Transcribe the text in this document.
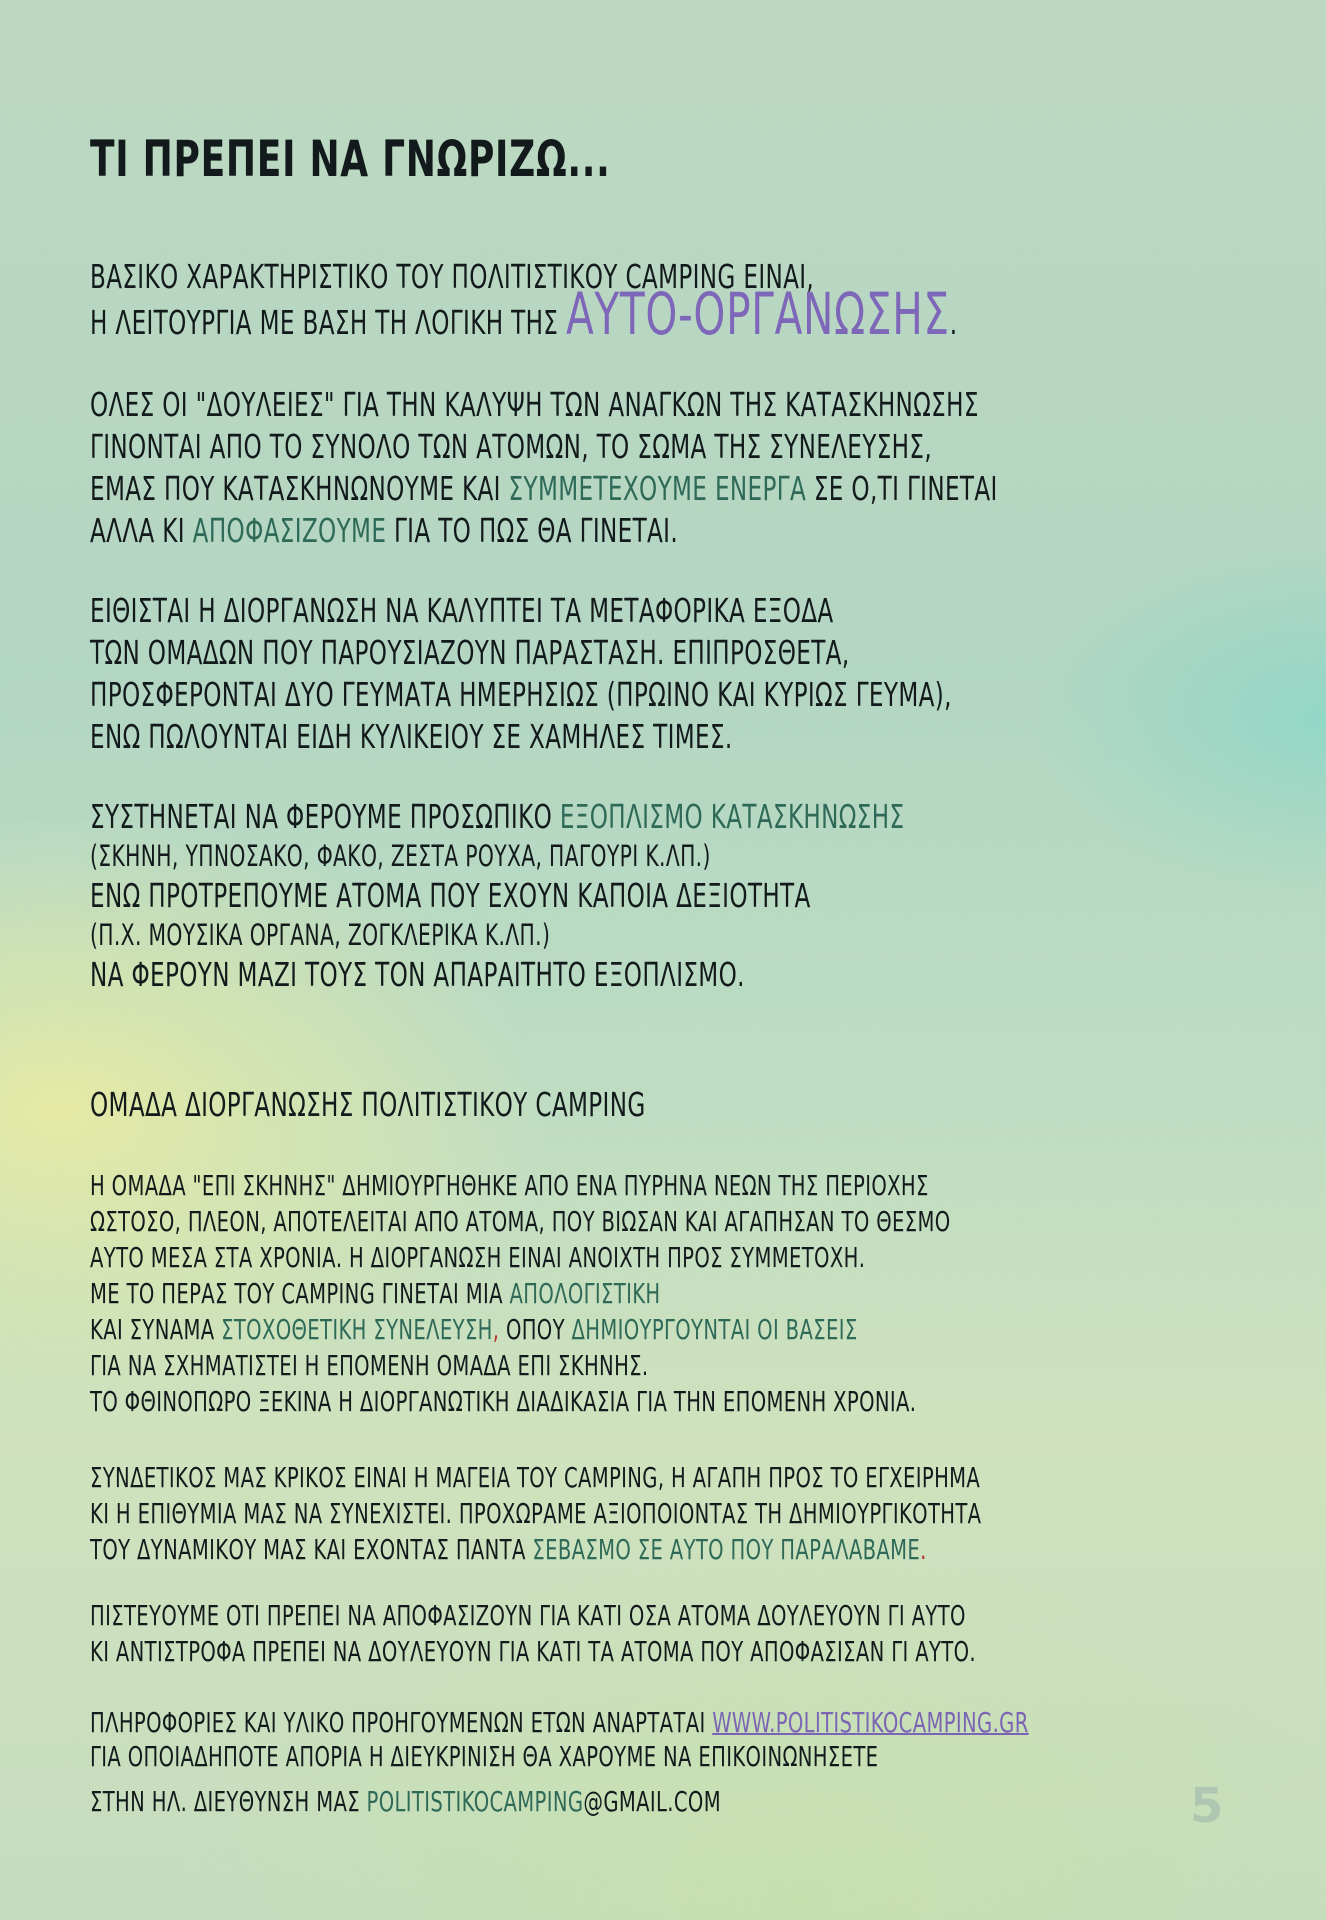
ΤΙ ΠΡΕΠΕΙ ΝΑ ΓΝΩΡΙΖΩ...
ΒΑΣΙΚΟ ΧΑΡΑΚΤΗΡΙΣΤΙΚΟ ΤΟΥ ΠΟΛΙΤΙΣΤΙΚΟΥ CAMPING ΕΙΝΑΙ,
Η ΛΕΙΤΟΥΡΓΙΑ ΜΕ ΒΑΣΗ ΤΗ ΛΟΓΙΚΗ ΤΗΣ ΑΥΤΟ-ΟΡΓΑΝΩΣΗΣ.
ΟΛΕΣ ΟΙ "ΔΟΥΛΕΙΕΣ" ΓΙΑ ΤΗΝ ΚΑΛΥΨΗ ΤΩΝ ΑΝΑΓΚΩΝ ΤΗΣ ΚΑΤΑΣΚΗΝΩΣΗΣ
ΓΙΝΟΝΤΑΙ ΑΠΟ ΤΟ ΣΥΝΟΛΟ ΤΩΝ ΑΤΟΜΩΝ, ΤΟ ΣΩΜΑ ΤΗΣ ΣΥΝΕΛΕΥΣΗΣ,
ΕΜΑΣ ΠΟΥ ΚΑΤΑΣΚΗΝΩΝΟΥΜΕ ΚΑΙ ΣΥΜΜΕΤΕΧΟΥΜΕ ΕΝΕΡΓΑ ΣΕ Ο,ΤΙ ΓΙΝΕΤΑΙ
ΑΛΛΑ ΚΙ ΑΠΟΦΑΣΙΖΟΥΜΕ ΓΙΑ ΤΟ ΠΩΣ ΘΑ ΓΙΝΕΤΑΙ.
ΕΙΘΙΣΤΑΙ Η ΔΙΟΡΓΑΝΩΣΗ ΝΑ ΚΑΛΥΠΤΕΙ ΤΑ ΜΕΤΑΦΟΡΙΚΑ ΕΞΟΔΑ
ΤΩΝ ΟΜΑΔΩΝ ΠΟΥ ΠΑΡΟΥΣΙΑΖΟΥΝ ΠΑΡΑΣΤΑΣΗ. ΕΠΙΠΡΟΣΘΕΤΑ,
ΠΡΟΣΦΕΡΟΝΤΑΙ ΔΥΟ ΓΕΥΜΑΤΑ ΗΜΕΡΗΣΙΩΣ (ΠΡΩΙΝΟ ΚΑΙ ΚΥΡΙΩΣ ΓΕΥΜΑ),
ΕΝΩ ΠΩΛΟΥΝΤΑΙ ΕΙΔΗ ΚΥΛΙΚΕΙΟΥ ΣΕ ΧΑΜΗΛΕΣ ΤΙΜΕΣ.
ΣΥΣΤΗΝΕΤΑΙ ΝΑ ΦΕΡΟΥΜΕ ΠΡΟΣΩΠΙΚΟ ΕΞΟΠΛΙΣΜΟ ΚΑΤΑΣΚΗΝΩΣΗΣ
(ΣΚΗΝΗ, ΥΠΝΟΣΑΚΟ, ΦΑΚΟ, ΖΕΣΤΑ ΡΟΥΧΑ, ΠΑΓΟΥΡΙ Κ.ΛΠ.)
ΕΝΩ ΠΡΟΤΡΕΠΟΥΜΕ ΑΤΟΜΑ ΠΟΥ ΕΧΟΥΝ ΚΑΠΟΙΑ ΔΕΞΙΟΤΗΤΑ
(Π.Χ. ΜΟΥΣΙΚΑ ΟΡΓΑΝΑ, ΖΟΓΚΛΕΡΙΚΑ Κ.ΛΠ.)
ΝΑ ΦΕΡΟΥΝ ΜΑΖΙ ΤΟΥΣ ΤΟΝ ΑΠΑΡΑΙΤΗΤΟ ΕΞΟΠΛΙΣΜΟ.
ΟΜΑΔΑ ΔΙΟΡΓΑΝΩΣΗΣ ΠΟΛΙΤΙΣΤΙΚΟΥ CAMPING
Η ΟΜΑΔΑ "ΕΠΙ ΣΚΗΝΗΣ" ΔΗΜΙΟΥΡΓΗΘΗΚΕ ΑΠΟ ΕΝΑ ΠΥΡΗΝΑ ΝΕΩΝ ΤΗΣ ΠΕΡΙΟΧΗΣ
ΩΣΤΟΣΟ, ΠΛΕΟΝ, ΑΠΟΤΕΛΕΙΤΑΙ ΑΠΟ ΑΤΟΜΑ, ΠΟΥ ΒΙΩΣΑΝ ΚΑΙ ΑΓΑΠΗΣΑΝ ΤΟ ΘΕΣΜΟ
ΑΥΤΟ ΜΕΣΑ ΣΤΑ ΧΡΟΝΙΑ. Η ΔΙΟΡΓΑΝΩΣΗ ΕΙΝΑΙ ΑΝΟΙΧΤΗ ΠΡΟΣ ΣΥΜΜΕΤΟΧΗ.
ΜΕ ΤΟ ΠΕΡΑΣ ΤΟΥ CAMPING ΓΙΝΕΤΑΙ ΜΙΑ ΑΠΟΛΟΓΙΣΤΙΚΗ
ΚΑΙ ΣΥΝΑΜΑ ΣΤΟΧΟΘΕΤΙΚΗ ΣΥΝΕΛΕΥΣΗ, ΟΠΟΥ ΔΗΜΙΟΥΡΓΟΥΝΤΑΙ ΟΙ ΒΑΣΕΙΣ
ΓΙΑ ΝΑ ΣΧΗΜΑΤΙΣΤΕΙ Η ΕΠΟΜΕΝΗ ΟΜΑΔΑ ΕΠΙ ΣΚΗΝΗΣ.
ΤΟ ΦΘΙΝΟΠΩΡΟ ΞΕΚΙΝΑ Η ΔΙΟΡΓΑΝΩΤΙΚΗ ΔΙΑΔΙΚΑΣΙΑ ΓΙΑ ΤΗΝ ΕΠΟΜΕΝΗ ΧΡΟΝΙΑ.
ΣΥΝΔΕΤΙΚΟΣ ΜΑΣ ΚΡΙΚΟΣ ΕΙΝΑΙ Η ΜΑΓΕΙΑ ΤΟΥ CAMPING, Η ΑΓΑΠΗ ΠΡΟΣ ΤΟ ΕΓΧΕΙΡΗΜΑ
ΚΙ Η ΕΠΙΘΥΜΙΑ ΜΑΣ ΝΑ ΣΥΝΕΧΙΣΤΕΙ. ΠΡΟΧΩΡΑΜΕ ΑΞΙΟΠΟΙΟΝΤΑΣ ΤΗ ΔΗΜΙΟΥΡΓΙΚΟΤΗΤΑ
ΤΟΥ ΔΥΝΑΜΙΚΟΥ ΜΑΣ ΚΑΙ ΕΧΟΝΤΑΣ ΠΑΝΤΑ ΣΕΒΑΣΜΟ ΣΕ ΑΥΤΟ ΠΟΥ ΠΑΡΑΛΑΒΑΜΕ.
ΠΙΣΤΕΥΟΥΜΕ ΟΤΙ ΠΡΕΠΕΙ ΝΑ ΑΠΟΦΑΣΙΖΟΥΝ ΓΙΑ ΚΑΤΙ ΟΣΑ ΑΤΟΜΑ ΔΟΥΛΕΥΟΥΝ ΓΙ ΑΥΤΟ
ΚΙ ΑΝΤΙΣΤΡΟΦΑ ΠΡΕΠΕΙ ΝΑ ΔΟΥΛΕΥΟΥΝ ΓΙΑ ΚΑΤΙ ΤΑ ΑΤΟΜΑ ΠΟΥ ΑΠΟΦΑΣΙΣΑΝ ΓΙ ΑΥΤΟ.
ΠΛΗΡΟΦΟΡΙΕΣ ΚΑΙ ΥΛΙΚΟ ΠΡΟΗΓΟΥΜΕΝΩΝ ΕΤΩΝ ΑΝΑΡΤΑΤΑΙ WWW.POLITISTIKOCAMPING.GR
ΓΙΑ ΟΠΟΙΑΔΗΠΟΤΕ ΑΠΟΡΙΑ Η ΔΙΕΥΚΡΙΝΙΣΗ ΘΑ ΧΑΡΟΥΜΕ ΝΑ ΕΠΙΚΟΙΝΩΝΗΣΕΤΕ
ΣΤΗΝ ΗΛ. ΔΙΕΥΘΥΝΣΗ ΜΑΣ POLITISTIKOCAMPING@GMAIL.COM	5
